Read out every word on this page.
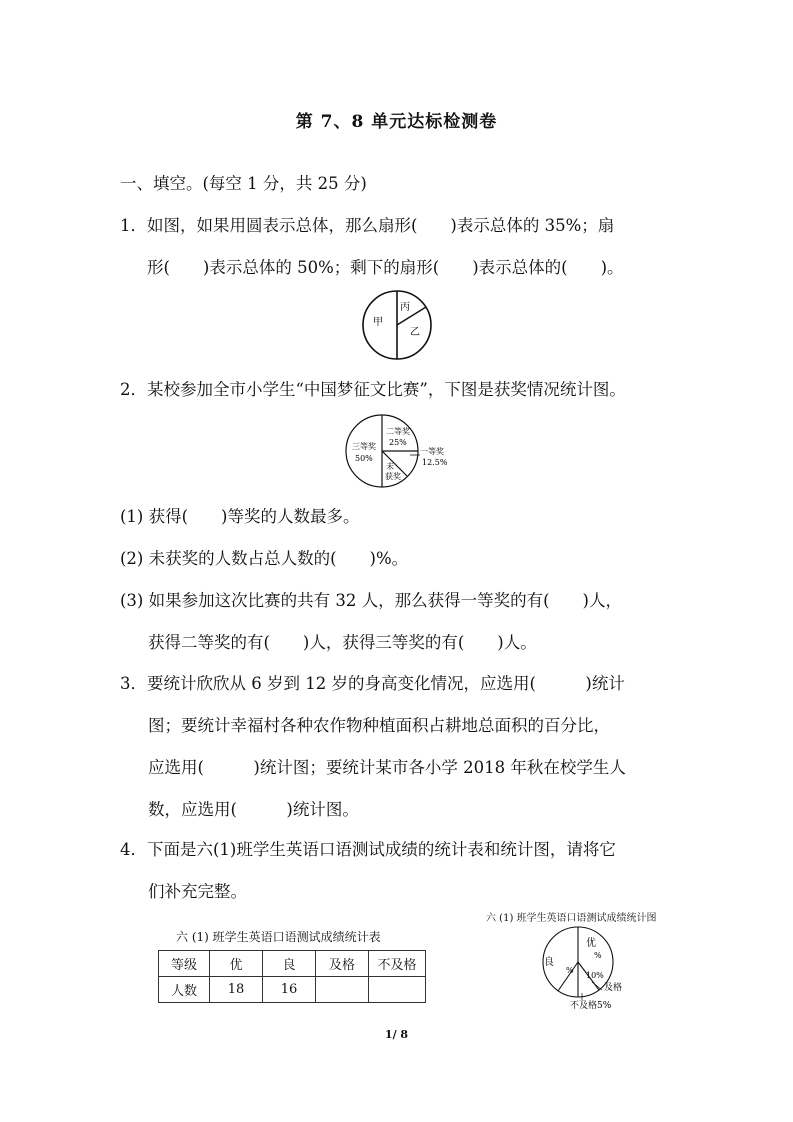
第 7、8 单元达标检测卷
一、填空。(每空 1 分，共 25 分)
1．如图，如果用圆表示总体，那么扇形(　　)表示总体的 35%；扇
形(　　)表示总体的 50%；剩下的扇形(　　)表示总体的(　　)。
甲
乙
丙
2．某校参加全市小学生“中国梦征文比赛”，下图是获奖情况统计图。
三等奖
50%
二等奖
25%
一等奖
12.5%
未
获奖
(1) 获得(　　)等奖的人数最多。
(2) 未获奖的人数占总人数的(　　)%。
(3) 如果参加这次比赛的共有 32 人，那么获得一等奖的有(　　)人，
获得二等奖的有(　　)人，获得三等奖的有(　　)人。
3．要统计欣欣从 6 岁到 12 岁的身高变化情况，应选用(　　　)统计
图；要统计幸福村各种农作物种植面积占耕地总面积的百分比，
应选用(　　　)统计图；要统计某市各小学 2018 年秋在校学生人
数，应选用(　　　)统计图。
4．下面是六(1)班学生英语口语测试成绩的统计表和统计图，请将它
们补充完整。
六 (1) 班学生英语口语测试成绩统计表
等级	优	良	及格	不及格
人数	18	16		
六 (1) 班学生英语口语测试成绩统计图
优
%
良
%
10%
及格
不及格5%
1/ 8
